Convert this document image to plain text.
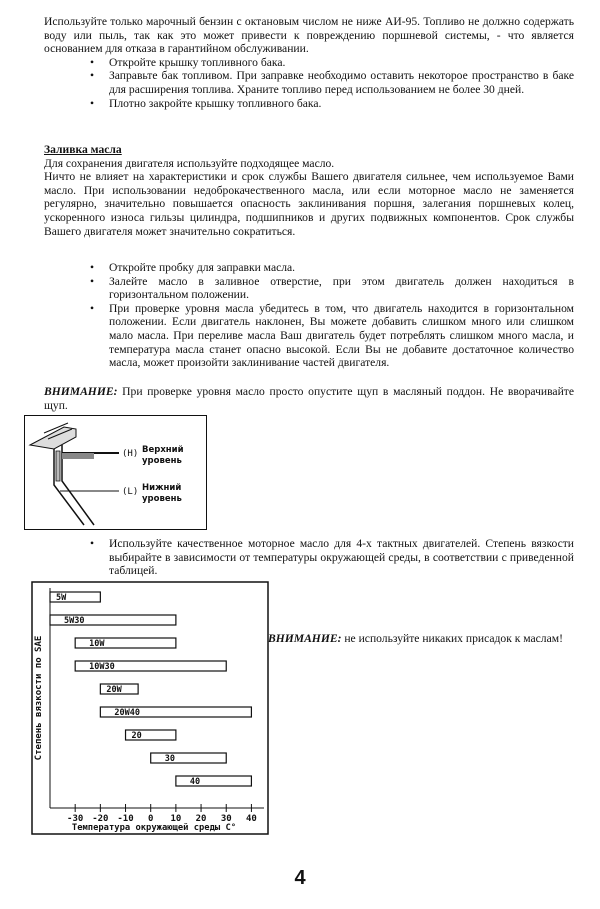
Используйте только марочный бензин с октановым числом не ниже АИ-95. Топливо не должно содержать воду или пыль, так как это может привести к повреждению поршневой системы, - что является основанием для отказа в гарантийном обслуживании.

• Откройте крышку топливного бака.
• Заправьте бак топливом. При заправке необходимо оставить некоторое пространство в баке для расширения топлива. Храните топливо перед использованием не более 30 дней.
• Плотно закройте крышку топливного бака.

Заливка масла

Для сохранения двигателя используйте подходящее масло.

Ничто не влияет на характеристики и срок службы Вашего двигателя сильнее, чем используемое Вами масло. При использовании недоброкачественного масла, или если моторное масло не заменяется регулярно, значительно повышается опасность заклинивания поршня, залегания поршневых колец, ускоренного износа гильзы цилиндра, подшипников и других подвижных компонентов. Срок службы Вашего двигателя может значительно сократиться.

• Откройте пробку для заправки масла.
• Залейте масло в заливное отверстие, при этом двигатель должен находиться в горизонтальном положении.
• При проверке уровня масла убедитесь в том, что двигатель находится в горизонтальном положении. Если двигатель наклонен, Вы можете добавить слишком много или слишком мало масла. При переливе масла Ваш двигатель будет потреблять слишком много масла, и температура масла станет опасно высокой. Если Вы не добавите достаточное количество масла, может произойти заклинивание частей двигателя.

ВНИМАНИЕ: При проверке уровня масло просто опустите щуп в масляный поддон. Не вворачивайте щуп.

(H) Верхний
уровень
(L) Нижний
уровень
• Используйте качественное моторное масло для 4-х тактных двигателей. Степень вязкости выбирайте в зависимости от температуры окружающей среды, в соответствии с приведенной таблицей.
Степень вязкости по SAE
Температура окружающей среды С°
-30 -20 -10 0 10 20 30 40
5W
5W30
10W
10W30
20W
20W40
20
30
40

ВНИМАНИЕ: не используйте никаких присадок к маслам!

4
